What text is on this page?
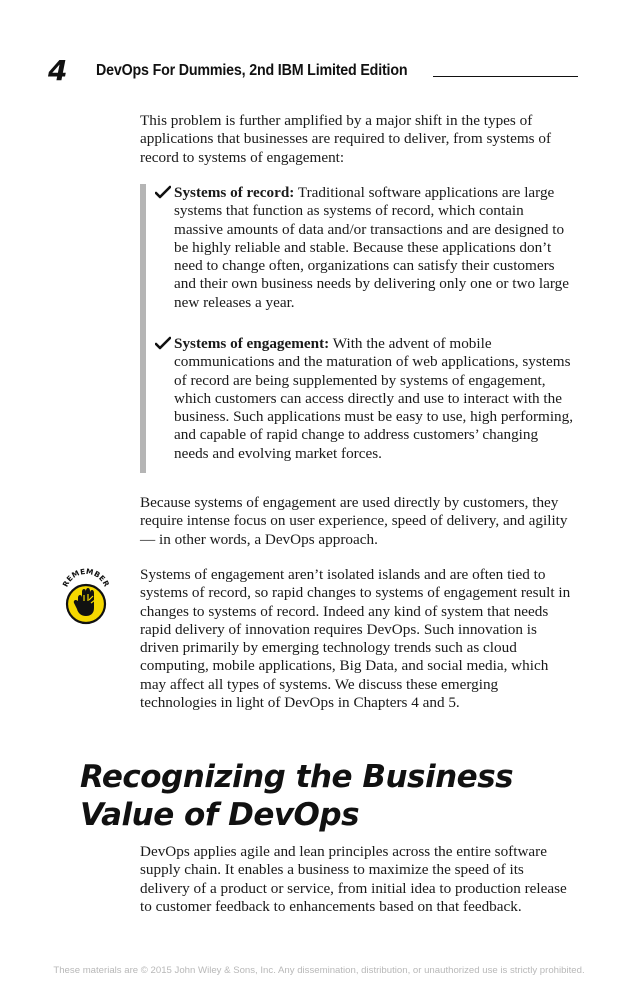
4 DevOps For Dummies, 2nd IBM Limited Edition

This problem is further amplified by a major shift in the types of applications that businesses are required to deliver, from systems of record to systems of engagement:

Systems of record: Traditional software applications are large systems that function as systems of record, which contain massive amounts of data and/or transactions and are designed to be highly reliable and stable. Because these applications don’t need to change often, organizations can satisfy their customers and their own business needs by delivering only one or two large new releases a year.

Systems of engagement: With the advent of mobile communications and the maturation of web applications, systems of record are being supplemented by systems of engagement, which customers can access directly and use to interact with the business. Such applications must be easy to use, high performing, and capable of rapid change to address customers’ changing needs and evolving market forces.

Because systems of engagement are used directly by customers, they require intense focus on user experience, speed of delivery, and agility — in other words, a DevOps approach.

REMEMBER

Systems of engagement aren’t isolated islands and are often tied to systems of record, so rapid changes to systems of engagement result in changes to systems of record. Indeed any kind of system that needs rapid delivery of innovation requires DevOps. Such innovation is driven primarily by emerging technology trends such as cloud computing, mobile applications, Big Data, and social media, which may affect all types of systems. We discuss these emerging technologies in light of DevOps in Chapters 4 and 5.

Recognizing the Business Value of DevOps

DevOps applies agile and lean principles across the entire software supply chain. It enables a business to maximize the speed of its delivery of a product or service, from initial idea to production release to customer feedback to enhancements based on that feedback.

These materials are © 2015 John Wiley & Sons, Inc. Any dissemination, distribution, or unauthorized use is strictly prohibited.
